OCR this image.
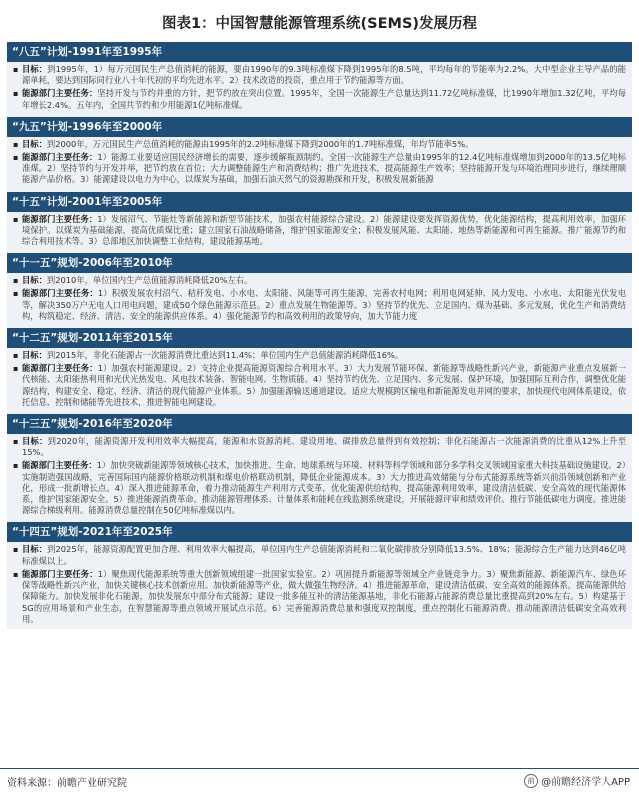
图表1：中国智慧能源管理系统(SEMS)发展历程
“八五”计划-1991年至1995年
▪ 目标：到1995年，1）每万元国民生产总值消耗的能源，要由1990年的9.3吨标准煤下降到1995年的8.5吨，平均每年的节能率为2.2%。大中型企业主导产品的能源单耗，要达到国际同行业八十年代初的平均先进水平。2）技术改造的投资，重点用于节约能源等方面。
▪ 能源部门主要任务：坚持开发与节约并重的方针，把节约放在突出位置。1995年，全国一次能源生产总量达到11.72亿吨标准煤，比1990年增加1.32亿吨，平均每年增长2.4%。五年内，全国共节约和少用能源1亿吨标准煤。
“九五”计划-1996年至2000年
▪ 目标：到2000年，万元国民生产总值消耗的能源由1995年的2.2吨标准煤下降到2000年的1.7吨标准煤，年均节能率5%。
▪ 能源部门主要任务：1）能源工业要适应国民经济增长的需要，逐步缓解瓶颈制约。全国一次能源生产总量由1995年的12.4亿吨标准煤增加到2000年的13.5亿吨标准煤。2）坚持节约与开发并举，把节约放在首位；大力调整能源生产和消费结构；推广先进技术，提高能源生产效率；坚持能源开发与环境治理同步进行，继续理顺能源产品价格。3）能源建设以电力为中心，以煤炭为基础，加强石油天然气的资源勘探和开发，积极发展新能源
“十五”计划-2001年至2005年
▪ 能源部门主要任务：1）发展沼气、节能灶等新能源和新型节能技术，加强农村能源综合建设。2）能源建设要发挥资源优势，优化能源结构，提高利用效率，加强环境保护。以煤炭为基础能源，提高优质煤比重；建立国家石油战略储备，维护国家能源安全；积极发展风能、太阳能、地热等新能源和可再生能源。推广能源节约和综合利用技术等。3）总部地区加快调整工业结构，建设能源基地。
“十一五”规划-2006年至2010年
▪ 目标：到2010年，单位国内生产总值能源消耗降低20%左右。
▪ 能源部门主要任务：1）积极发展农村沼气、秸秆发电、小水电、太阳能、风能等可再生能源，完善农村电网；利用电网延伸、风力发电、小水电、太阳能光伏发电等，解决350万户无电人口用电问题，建成50个绿色能源示范县。2）重点发展生物能源等。3）坚持节约优先、立足国内、煤为基础、多元发展，优化生产和消费结构，构筑稳定、经济、清洁、安全的能源供应体系。4）强化能源节约和高效利用的政策导向，加大节能力度
“十二五”规划-2011年至2015年
▪ 目标：到2015年，非化石能源占一次能源消费比重达到11.4%；单位国内生产总值能源消耗降低16%。
▪ 能源部门主要任务：1）加强农村能源建设。2）支持企业提高能源资源综合利用水平。3）大力发展节能环保、新能源等战略性新兴产业，新能源产业重点发展新一代核能、太阳能热利用和光伏光热发电、风电技术装备、智能电网、生物质能。4）坚持节约优先、立足国内、多元发展、保护环境，加强国际互利合作，调整优化能源结构，构建安全、稳定、经济、清洁的现代能源产业体系。5）加强能源输送通道建设。适应大规模跨区输电和新能源发电并网的要求，加快现代电网体系建设，依托信息、控制和储能等先进技术，推进智能电网建设。
“十三五”规划-2016年至2020年
▪ 目标：到2020年，能源资源开发利用效率大幅提高，能源和水资源消耗、建设用地、碳排放总量得到有效控制；非化石能源占一次能源消费的比重从12%上升至15%。
▪ 能源部门主要任务：1）加快突破新能源等领域核心技术，加快推进、生命、地球系统与环境、材料等科学领域和部分多学科交叉领域国家重大科技基础设施建设。2）实施制造强国战略，完善国际国内能源价格联动机制和煤电价格联动机制，降低企业能源成本。3）大力推进高效储能与分布式能源系统等新兴前沿领域创新和产业化，形成一批新增长点。4）深入推进能源革命，着力推动能源生产利用方式变革，优化能源供给结构，提高能源利用效率，建设清洁低碳、安全高效的现代能源体系，维护国家能源安全。5）推进能源消费革命。推动能源管理体系、计量体系和能耗在线监测系统建设，开展能源评审和绩效评价。推行节能低碳电力调度。推进能源综合梯级利用。能源消费总量控制在50亿吨标准煤以内。
“十四五”规划-2021年至2025年
▪ 目标：到2025年，能源资源配置更加合理、利用效率大幅提高，单位国内生产总值能源消耗和二氧化碳排放分别降低13.5%、18%；能源综合生产能力达到46亿吨标准煤以上。
▪ 能源部门主要任务：1）聚焦现代能源系统等重大创新领域组建一批国家实验室。2）巩固提升新能源等领域全产业链竞争力。3）聚焦新能源、新能源汽车、绿色环保等战略性新兴产业，加快关键核心技术创新应用。加快新能源等产业，做大做强生物经济。4）推进能源革命，建设清洁低碳、安全高效的能源体系，提高能源供给保障能力。加快发展非化石能源，加快发展东中部分布式能源；建设一批多能互补的清洁能源基地，非化石能源占能源消费总量比重提高到20%左右。5）构建基于5G的应用场景和产业生态，在智慧能源等重点领域开展试点示范。6）完善能源消费总量和强度双控制度，重点控制化石能源消费。推动能源清洁低碳安全高效利用。
资料来源：前瞻产业研究院	前 @前瞻经济学人APP
